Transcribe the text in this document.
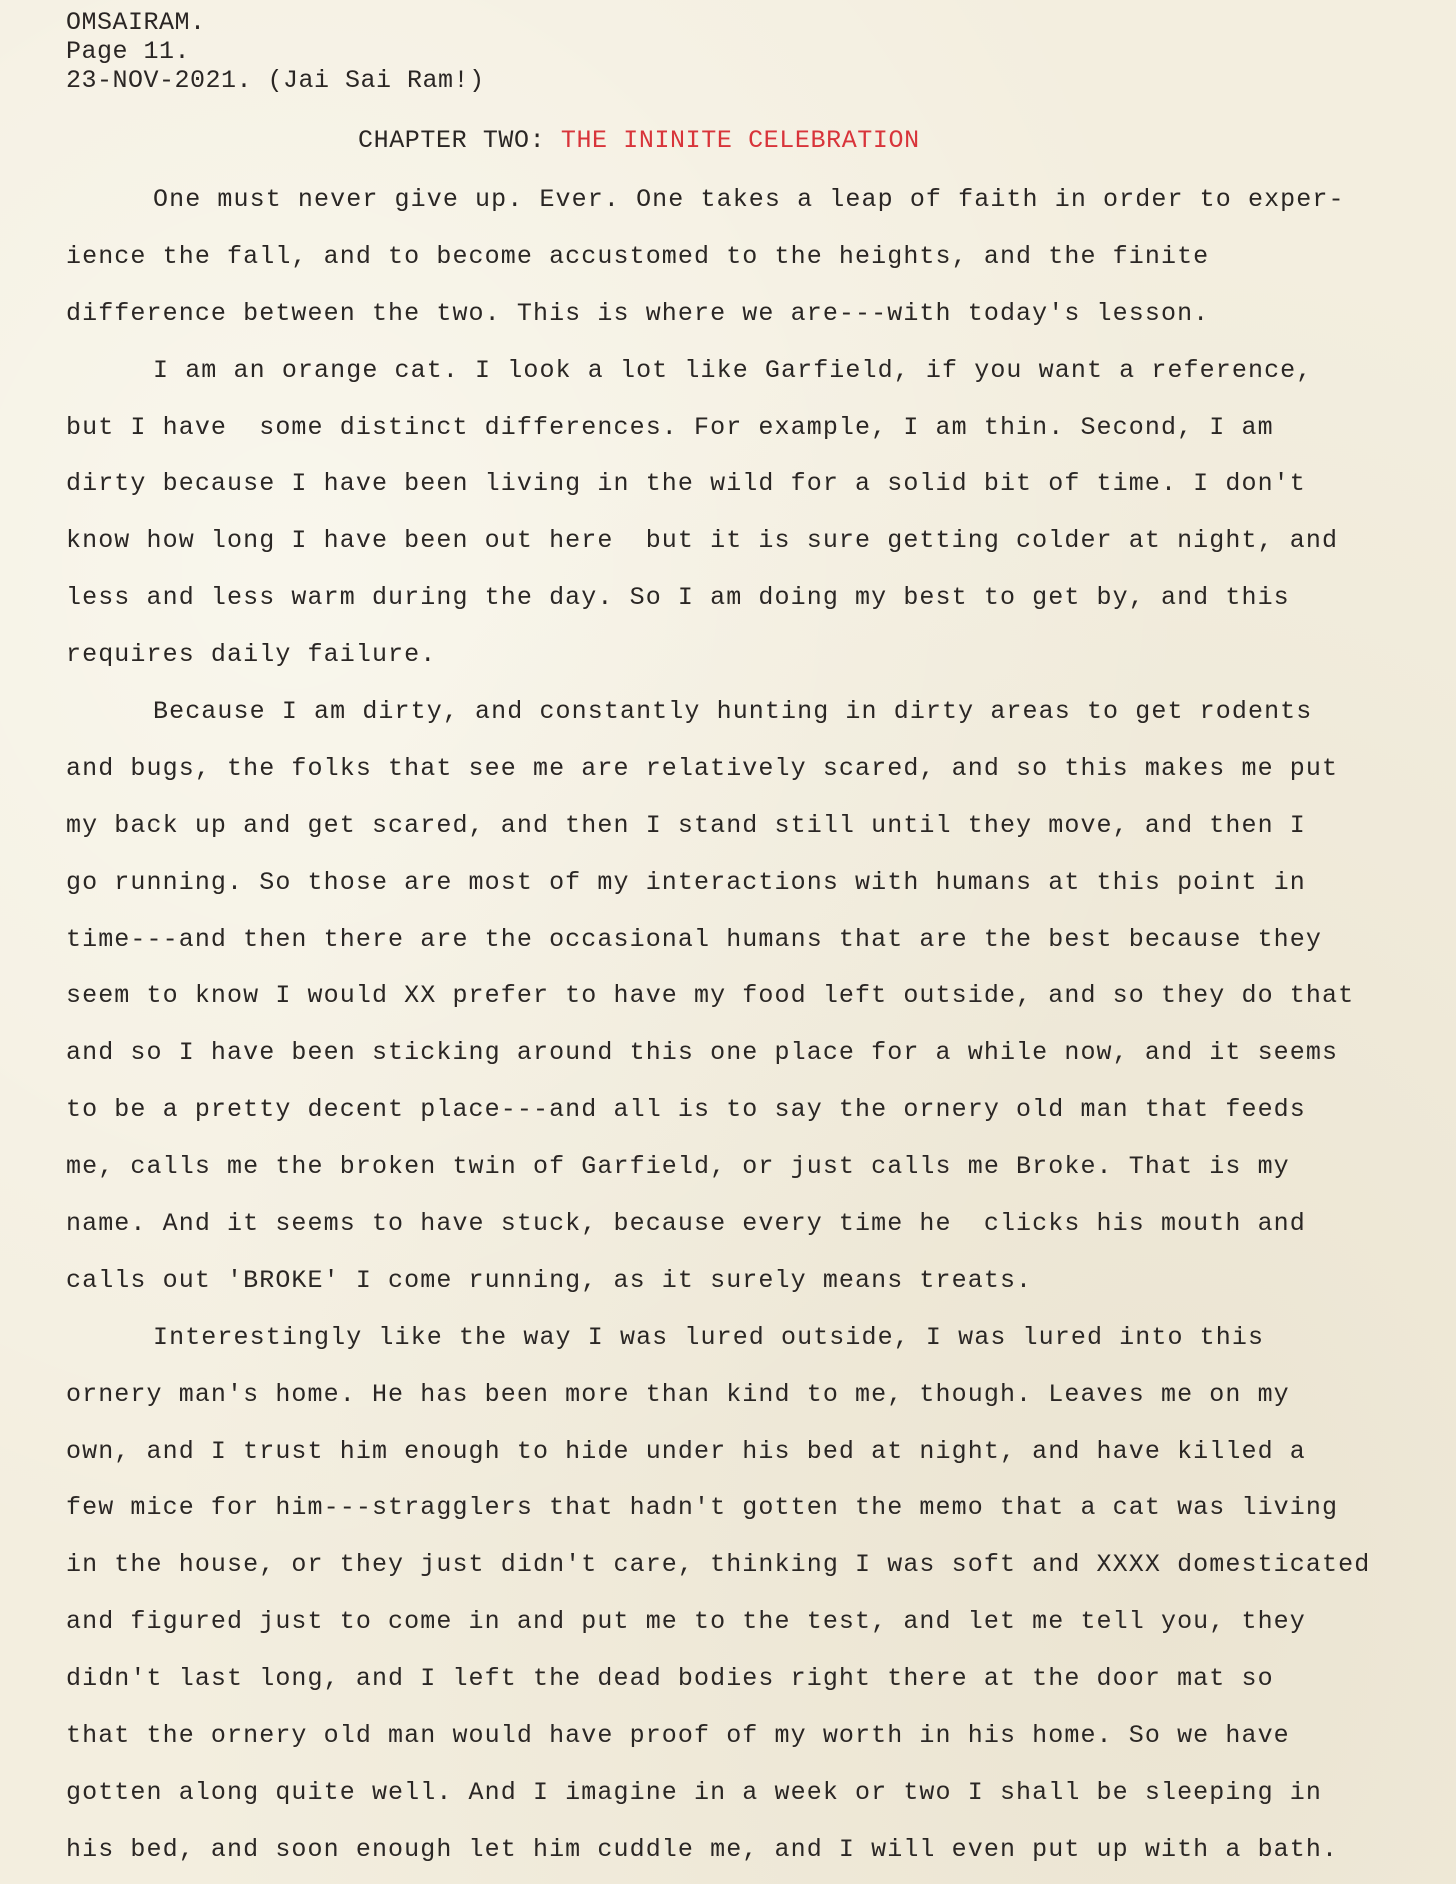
OMSAIRAM.
Page 11.
23-NOV-2021. (Jai Sai Ram!)
CHAPTER TWO: THE ININITE CELEBRATION
One must never give up. Ever. One takes a leap of faith in order to exper-
ience the fall, and to become accustomed to the heights, and the finite
difference between the two. This is where we are---with today's lesson.
I am an orange cat. I look a lot like Garfield, if you want a reference,
but I have  some distinct differences. For example, I am thin. Second, I am
dirty because I have been living in the wild for a solid bit of time. I don't
know how long I have been out here  but it is sure getting colder at night, and
less and less warm during the day. So I am doing my best to get by, and this
requires daily failure.
Because I am dirty, and constantly hunting in dirty areas to get rodents
and bugs, the folks that see me are relatively scared, and so this makes me put
my back up and get scared, and then I stand still until they move, and then I
go running. So those are most of my interactions with humans at this point in
time---and then there are the occasional humans that are the best because they
seem to know I would XX prefer to have my food left outside, and so they do that
and so I have been sticking around this one place for a while now, and it seems
to be a pretty decent place---and all is to say the ornery old man that feeds
me, calls me the broken twin of Garfield, or just calls me Broke. That is my
name. And it seems to have stuck, because every time he  clicks his mouth and
calls out 'BROKE' I come running, as it surely means treats.
Interestingly like the way I was lured outside, I was lured into this
ornery man's home. He has been more than kind to me, though. Leaves me on my
own, and I trust him enough to hide under his bed at night, and have killed a
few mice for him---stragglers that hadn't gotten the memo that a cat was living
in the house, or they just didn't care, thinking I was soft and XXXX domesticated
and figured just to come in and put me to the test, and let me tell you, they
didn't last long, and I left the dead bodies right there at the door mat so
that the ornery old man would have proof of my worth in his home. So we have
gotten along quite well. And I imagine in a week or two I shall be sleeping in
his bed, and soon enough let him cuddle me, and I will even put up with a bath.
